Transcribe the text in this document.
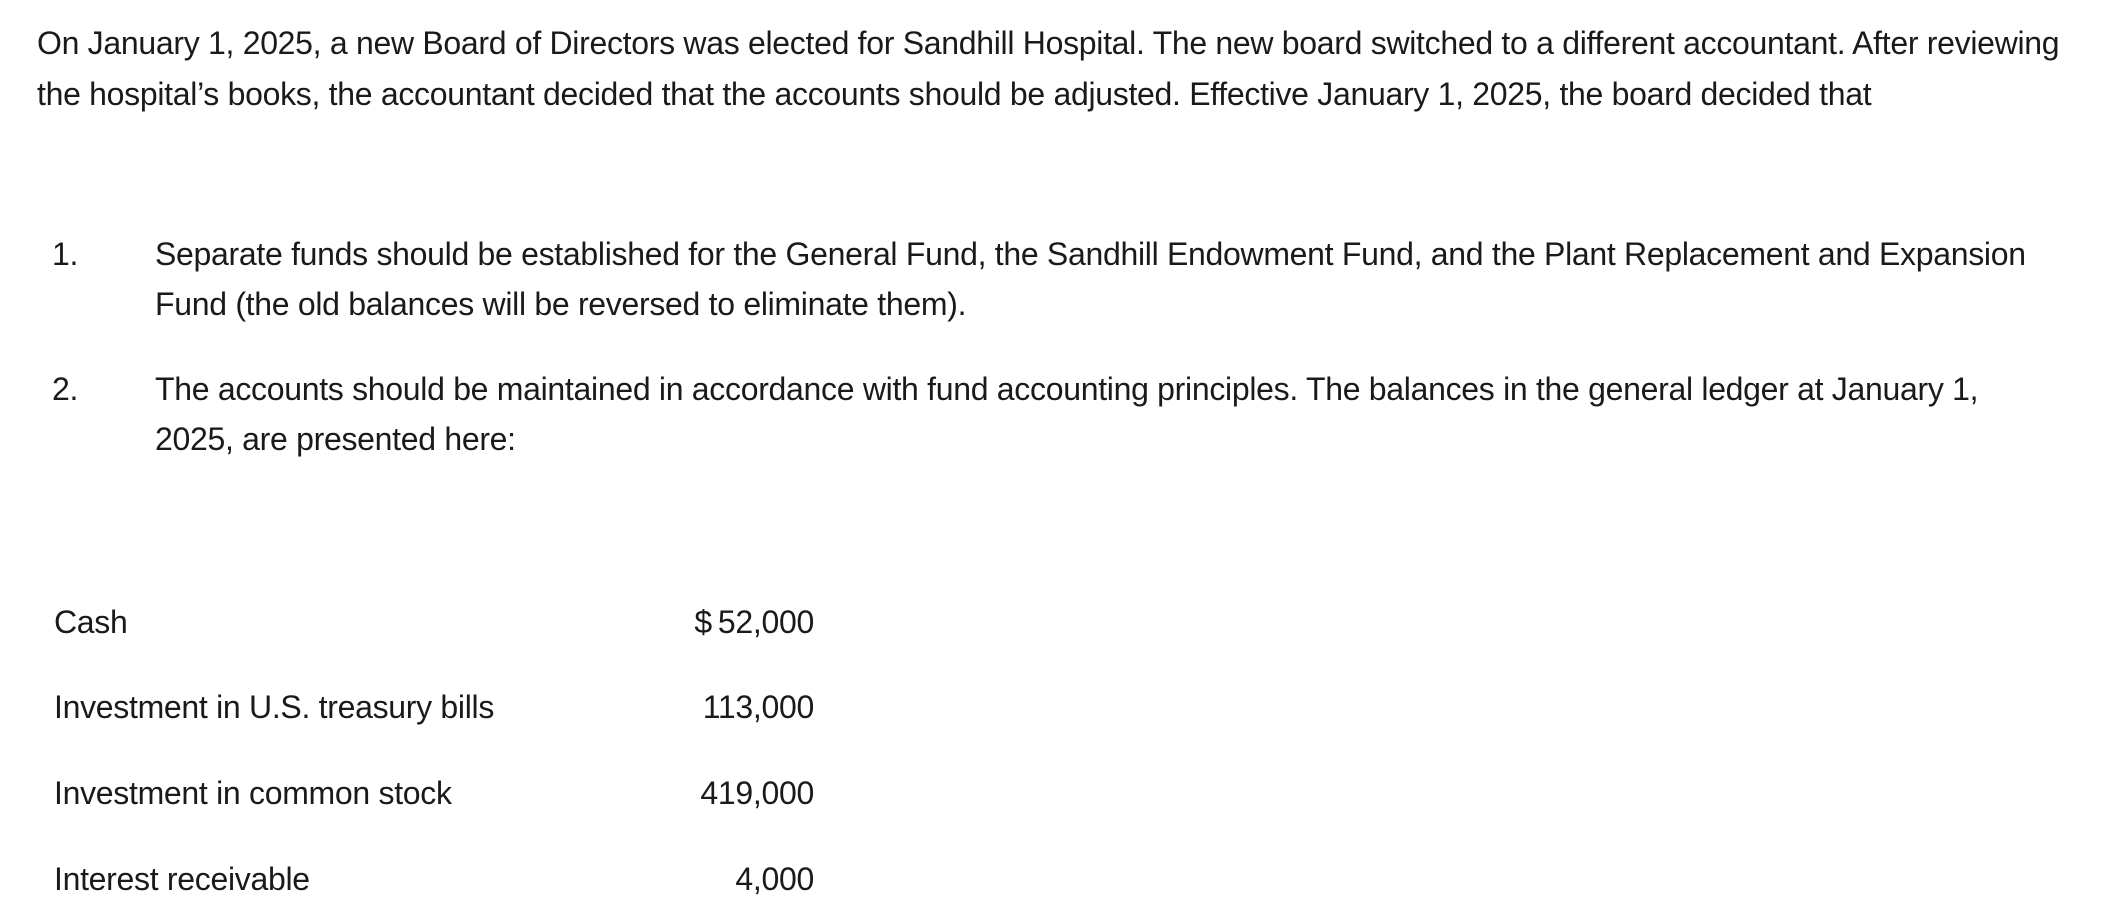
On January 1, 2025, a new Board of Directors was elected for Sandhill Hospital. The new board switched to a different accountant. After reviewing the hospital’s books, the accountant decided that the accounts should be adjusted. Effective January 1, 2025, the board decided that

1. Separate funds should be established for the General Fund, the Sandhill Endowment Fund, and the Plant Replacement and Expansion Fund (the old balances will be reversed to eliminate them).
2. The accounts should be maintained in accordance with fund accounting principles. The balances in the general ledger at January 1, 2025, are presented here:
Cash	$ 52,000
Investment in U.S. treasury bills	113,000
Investment in common stock	419,000
Interest receivable	4,000
